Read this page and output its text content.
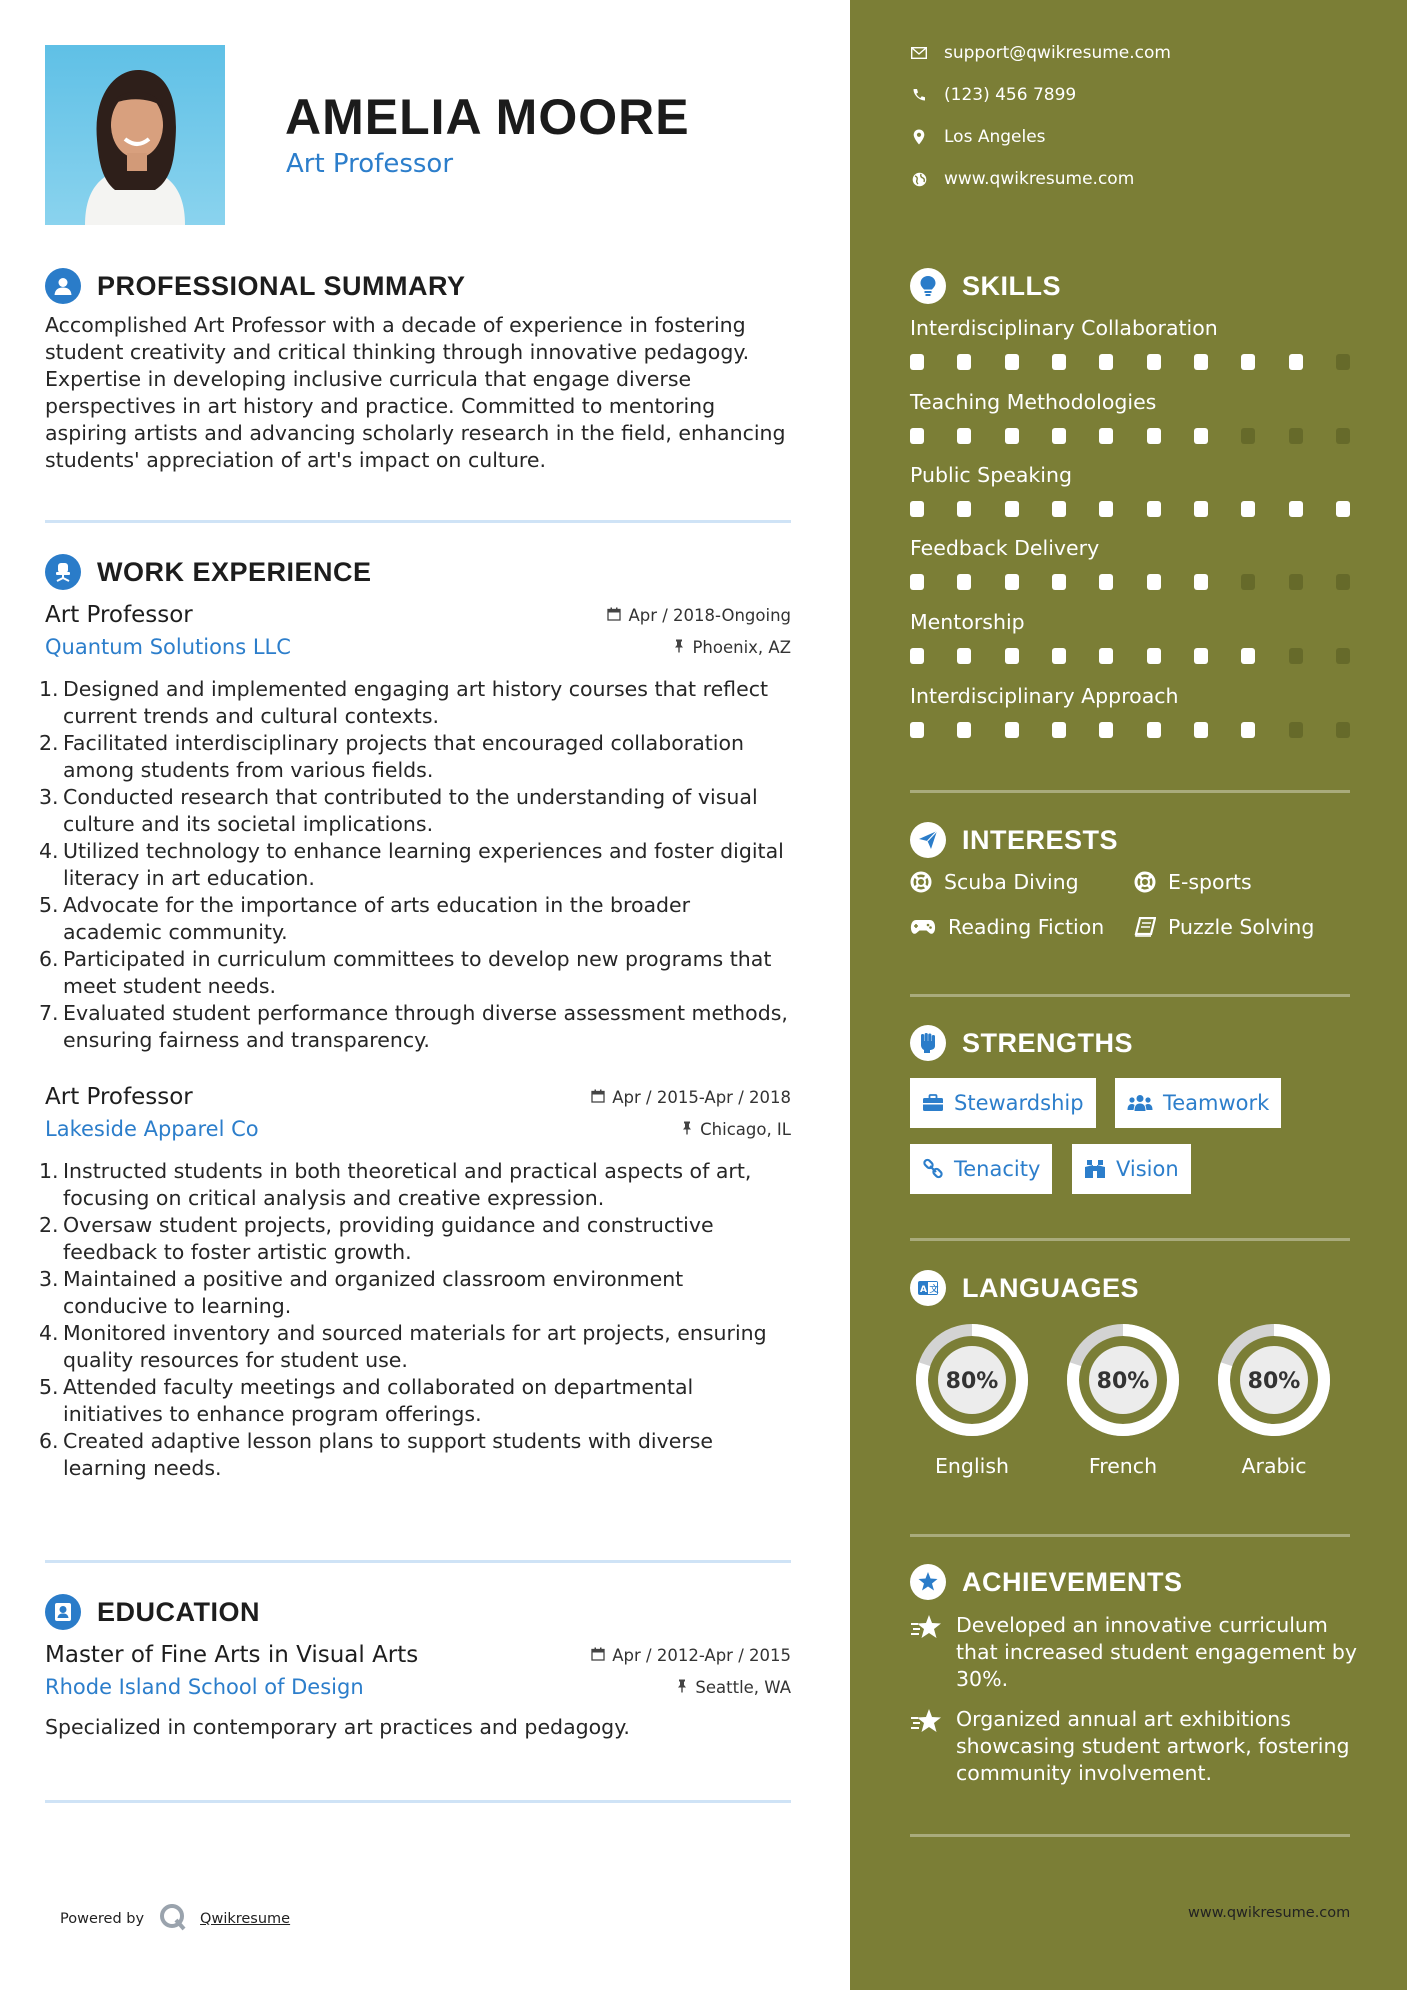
AMELIA MOORE
Art Professor
PROFESSIONAL SUMMARY
Accomplished Art Professor with a decade of experience in fostering student creativity and critical thinking through innovative pedagogy. Expertise in developing inclusive curricula that engage diverse perspectives in art history and practice. Committed to mentoring aspiring artists and advancing scholarly research in the field, enhancing students' appreciation of art's impact on culture.
WORK EXPERIENCE
Art Professor	Apr / 2018-Ongoing
Quantum Solutions LLC	Phoenix, AZ
Designed and implemented engaging art history courses that reflect current trends and cultural contexts.
Facilitated interdisciplinary projects that encouraged collaboration among students from various fields.
Conducted research that contributed to the understanding of visual culture and its societal implications.
Utilized technology to enhance learning experiences and foster digital literacy in art education.
Advocate for the importance of arts education in the broader academic community.
Participated in curriculum committees to develop new programs that meet student needs.
Evaluated student performance through diverse assessment methods, ensuring fairness and transparency.
Art Professor	Apr / 2015-Apr / 2018
Lakeside Apparel Co	Chicago, IL
Instructed students in both theoretical and practical aspects of art, focusing on critical analysis and creative expression.
Oversaw student projects, providing guidance and constructive feedback to foster artistic growth.
Maintained a positive and organized classroom environment conducive to learning.
Monitored inventory and sourced materials for art projects, ensuring quality resources for student use.
Attended faculty meetings and collaborated on departmental initiatives to enhance program offerings.
Created adaptive lesson plans to support students with diverse learning needs.
EDUCATION
Master of Fine Arts in Visual Arts	Apr / 2012-Apr / 2015
Rhode Island School of Design	Seattle, WA
Specialized in contemporary art practices and pedagogy.
Powered by	Qwikresume
support@qwikresume.com
(123) 456 7899
Los Angeles
www.qwikresume.com
SKILLS
Interdisciplinary Collaboration
Teaching Methodologies
Public Speaking
Feedback Delivery
Mentorship
Interdisciplinary Approach
INTERESTS
Scuba Diving	E-sports
Reading Fiction	Puzzle Solving
STRENGTHS
Stewardship	Teamwork
Tenacity	Vision
A 文 LANGUAGES
80%
English
80%
French
80%
Arabic
ACHIEVEMENTS
Developed an innovative curriculum that increased student engagement by 30%.
Organized annual art exhibitions showcasing student artwork, fostering community involvement.
www.qwikresume.com
